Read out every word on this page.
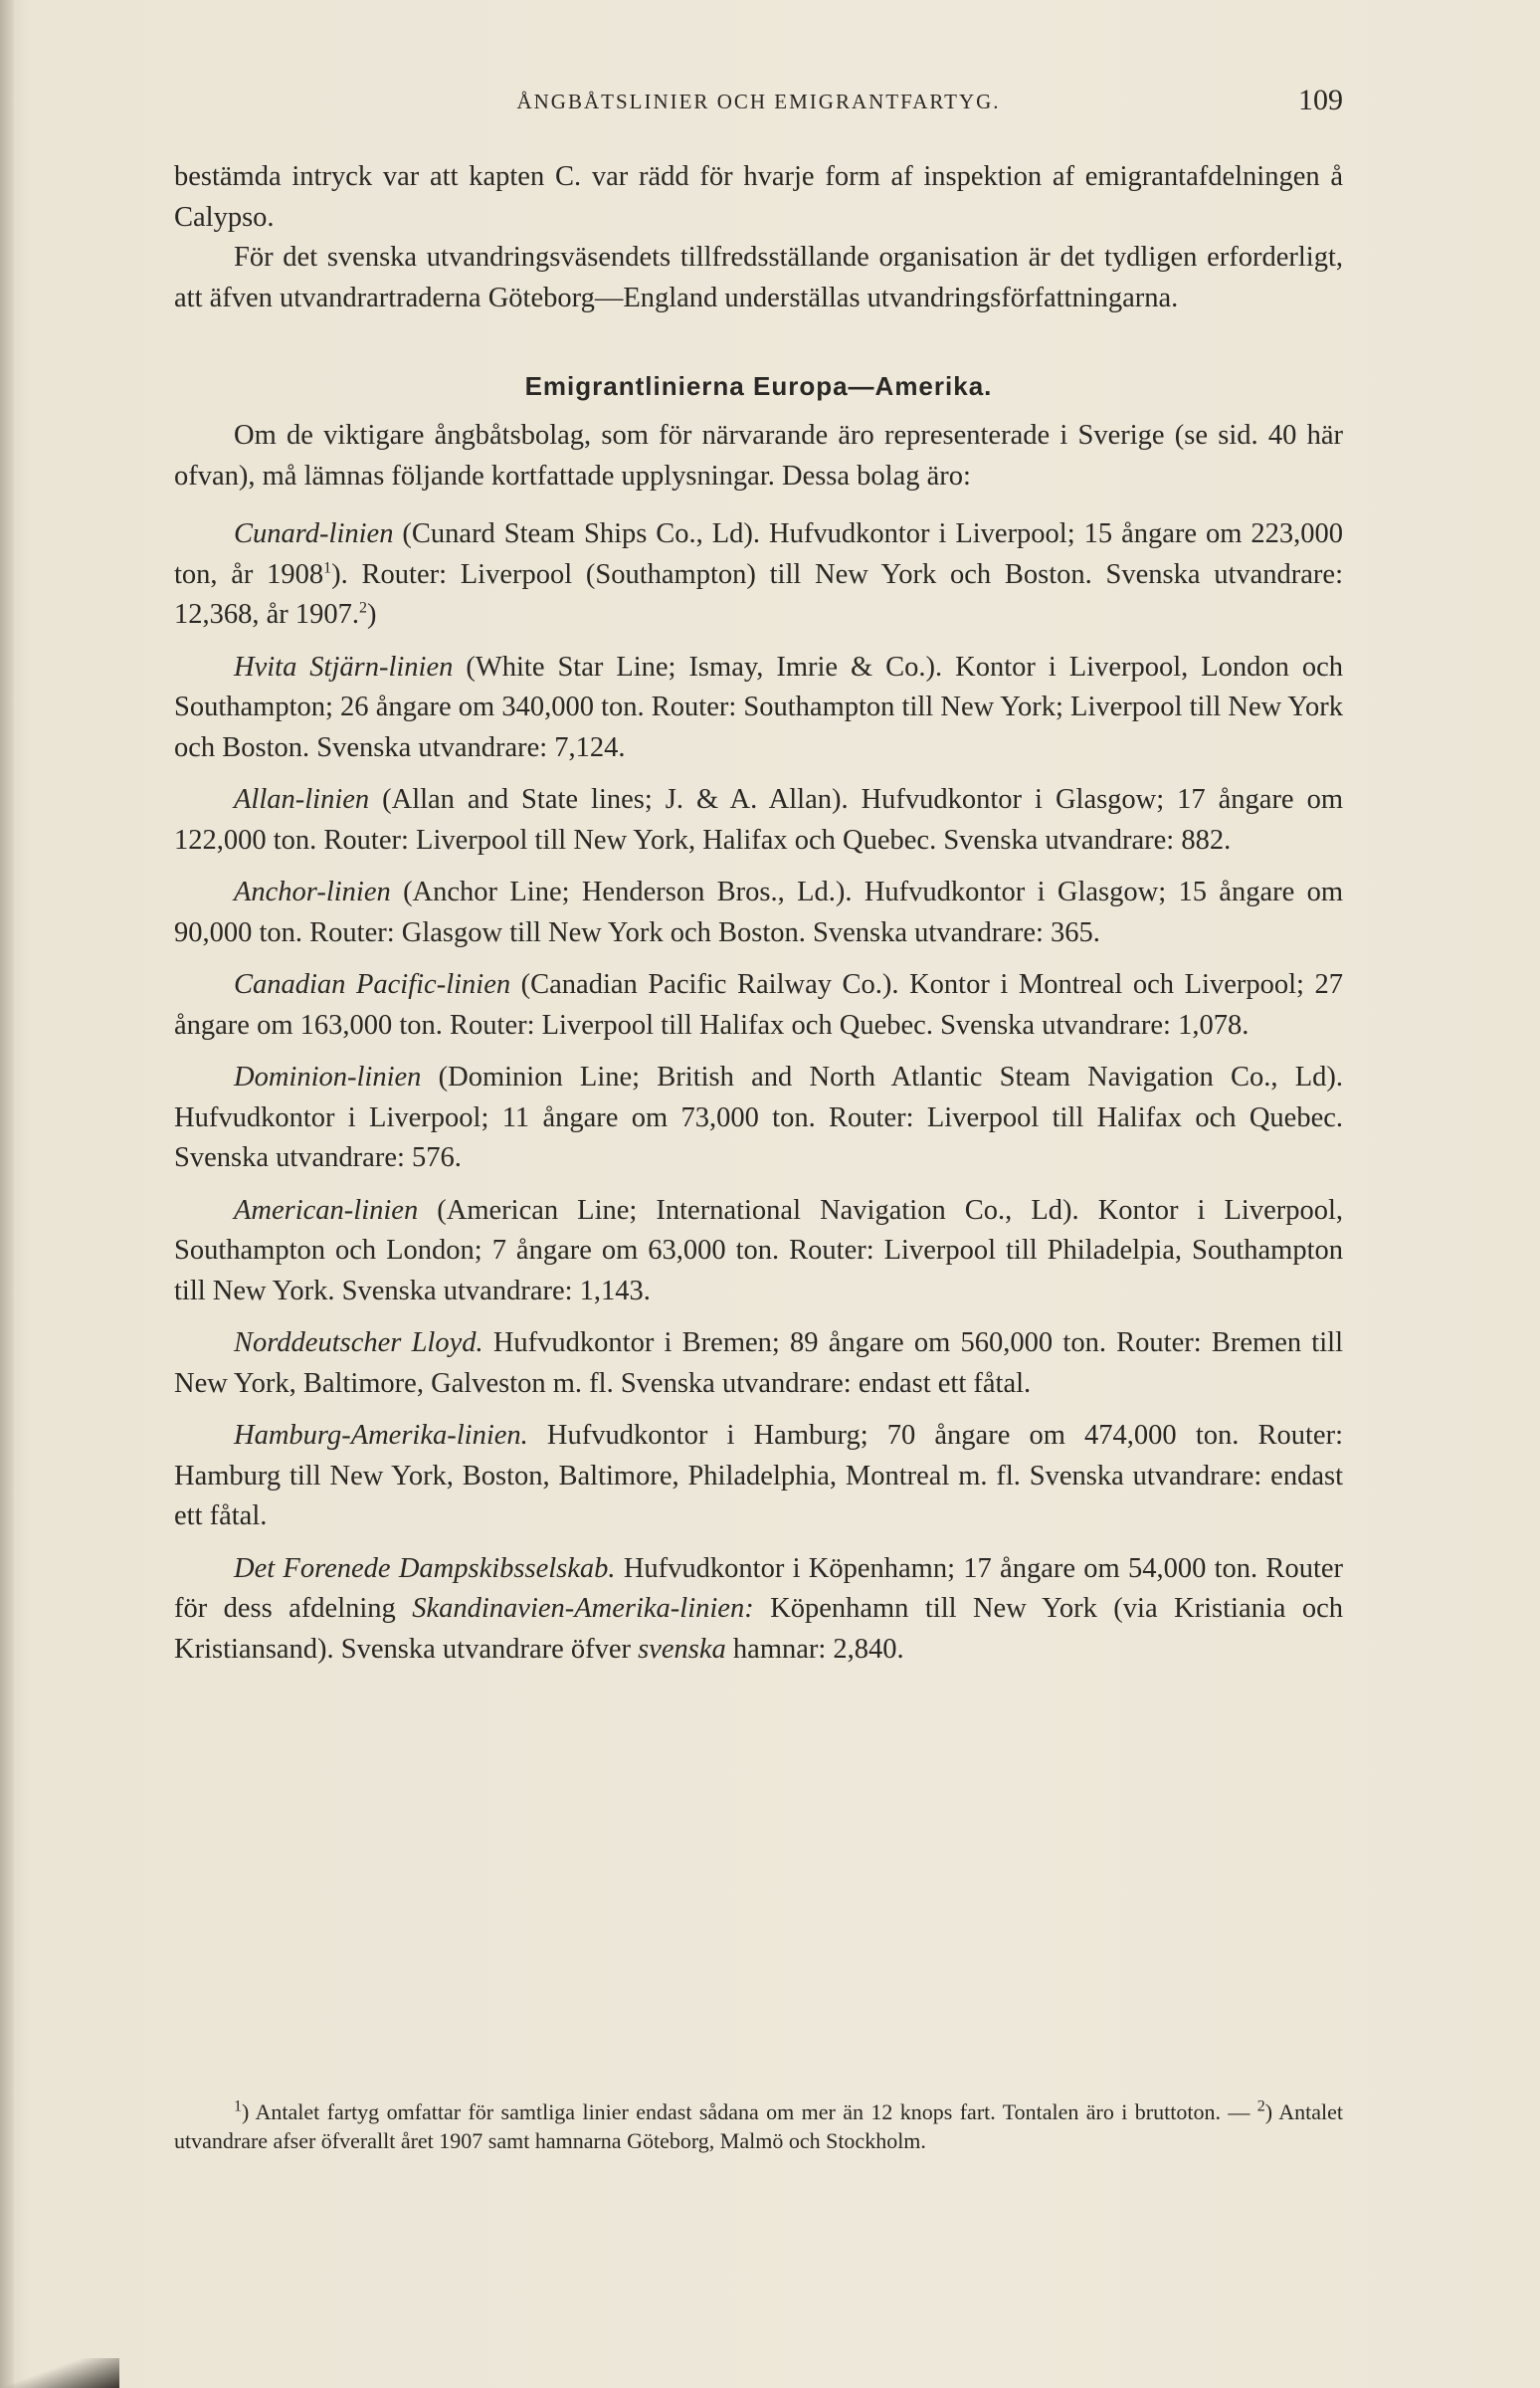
ÅNGBÅTSLINIER OCH EMIGRANTFARTYG.	109

bestämda intryck var att kapten C. var rädd för hvarje form af inspektion af emigrantafdelningen å Calypso.

För det svenska utvandringsväsendets tillfredsställande organisation är det tydligen erforderligt, att äfven utvandrartraderna Göteborg—England underställas utvandringsförfattningarna.

Emigrantlinierna Europa—Amerika.

Om de viktigare ångbåtsbolag, som för närvarande äro representerade i Sverige (se sid. 40 här ofvan), må lämnas följande kortfattade upplysningar. Dessa bolag äro:

Cunard-linien (Cunard Steam Ships Co., Ld). Hufvudkontor i Liverpool; 15 ångare om 223,000 ton, år 1908$^1$). Router: Liverpool (Southampton) till New York och Boston. Svenska utvandrare: 12,368, år 1907.$^2$)

Hvita Stjärn-linien (White Star Line; Ismay, Imrie & Co.). Kontor i Liverpool, London och Southampton; 26 ångare om 340,000 ton. Router: Southampton till New York; Liverpool till New York och Boston. Svenska utvandrare: 7,124.

Allan-linien (Allan and State lines; J. & A. Allan). Hufvudkontor i Glasgow; 17 ångare om 122,000 ton. Router: Liverpool till New York, Halifax och Quebec. Svenska utvandrare: 882.

Anchor-linien (Anchor Line; Henderson Bros., Ld.). Hufvudkontor i Glasgow; 15 ångare om 90,000 ton. Router: Glasgow till New York och Boston. Svenska utvandrare: 365.

Canadian Pacific-linien (Canadian Pacific Railway Co.). Kontor i Montreal och Liverpool; 27 ångare om 163,000 ton. Router: Liverpool till Halifax och Quebec. Svenska utvandrare: 1,078.

Dominion-linien (Dominion Line; British and North Atlantic Steam Navigation Co., Ld). Hufvudkontor i Liverpool; 11 ångare om 73,000 ton. Router: Liverpool till Halifax och Quebec. Svenska utvandrare: 576.

American-linien (American Line; International Navigation Co., Ld). Kontor i Liverpool, Southampton och London; 7 ångare om 63,000 ton. Router: Liverpool till Philadelpia, Southampton till New York. Svenska utvandrare: 1,143.

Norddeutscher Lloyd. Hufvudkontor i Bremen; 89 ångare om 560,000 ton. Router: Bremen till New York, Baltimore, Galveston m. fl. Svenska utvandrare: endast ett fåtal.

Hamburg-Amerika-linien. Hufvudkontor i Hamburg; 70 ångare om 474,000 ton. Router: Hamburg till New York, Boston, Baltimore, Philadelphia, Montreal m. fl. Svenska utvandrare: endast ett fåtal.

Det Forenede Dampskibsselskab. Hufvudkontor i Köpenhamn; 17 ångare om 54,000 ton. Router för dess afdelning Skandinavien-Amerika-linien: Köpenhamn till New York (via Kristiania och Kristiansand). Svenska utvandrare öfver svenska hamnar: 2,840.

$^1$) Antalet fartyg omfattar för samtliga linier endast sådana om mer än 12 knops fart. Tontalen äro i bruttoton. — $^2$) Antalet utvandrare afser öfverallt året 1907 samt hamnarna Göteborg, Malmö och Stockholm.
